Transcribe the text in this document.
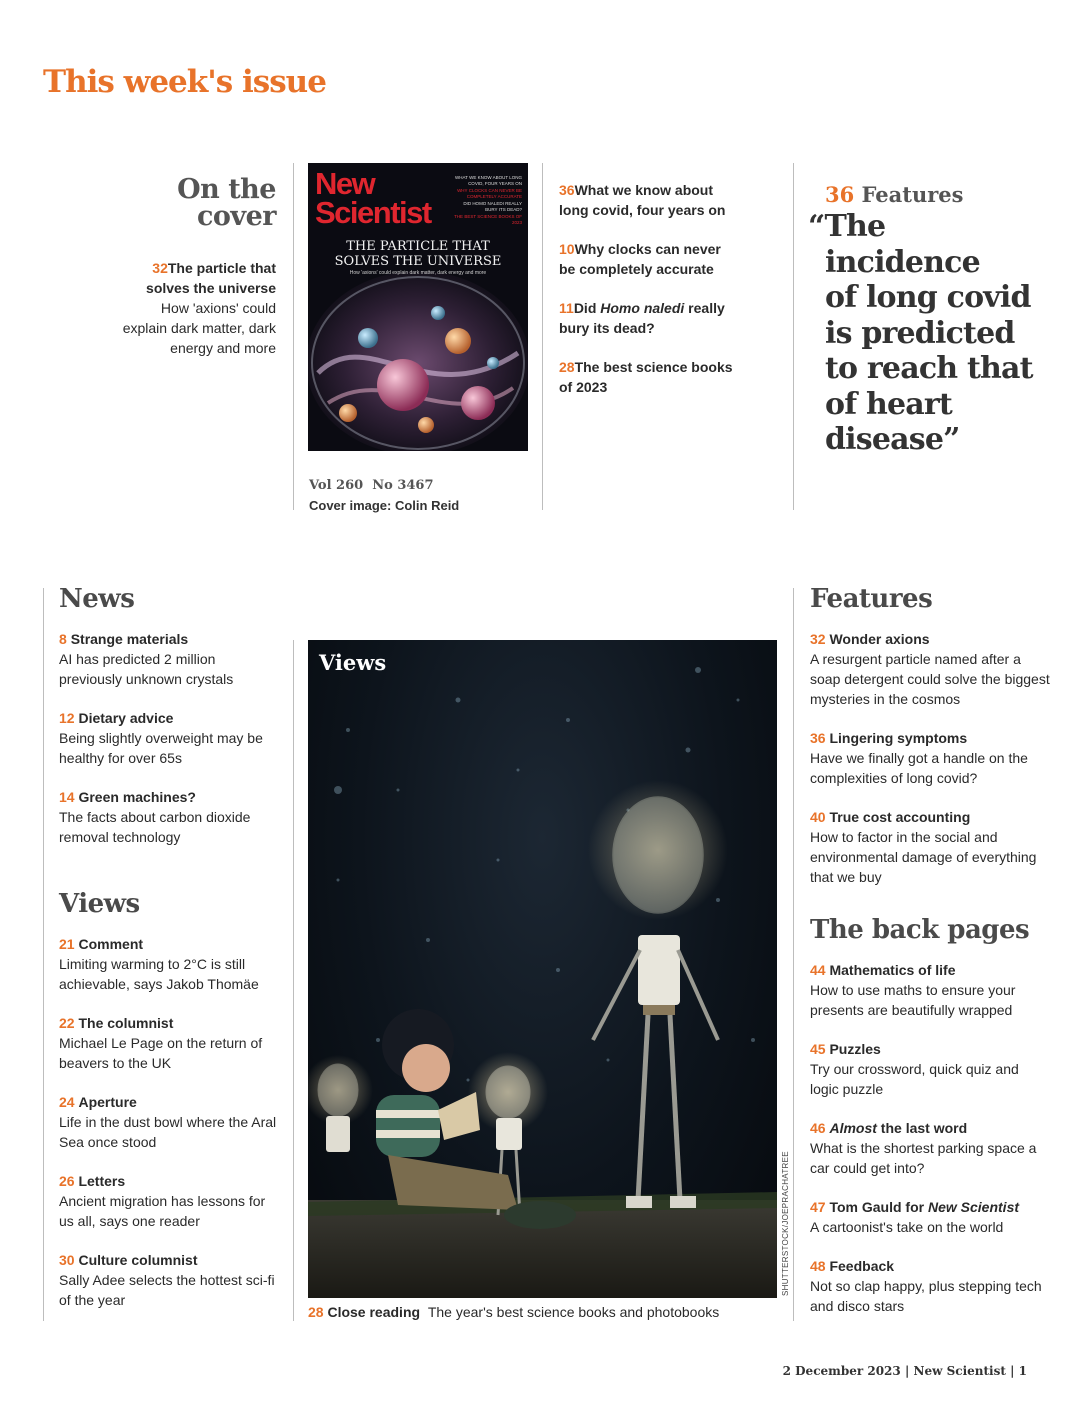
This week's issue
On the
cover

32The particle that solves the universe

How 'axions' could explain dark matter, dark energy and more

New
Scientist
WHAT WE KNOW ABOUT LONG COVID, FOUR YEARS ON
WHY CLOCKS CAN NEVER BE COMPLETELY ACCURATE
DID HOMO NALEDI REALLY BURY ITS DEAD?
THE BEST SCIENCE BOOKS OF 2023
THE PARTICLE THAT
SOLVES THE UNIVERSE
How 'axions' could explain dark matter, dark energy and more
Vol 260 No 3467
Cover image: Colin Reid
36What we know about long covid, four years on
10Why clocks can never be completely accurate
11Did Homo naledi really bury its dead?
28The best science books of 2023
36 Features
“The
incidence
of long covid
is predicted
to reach that
of heart
disease”
News

8 Strange materials

AI has predicted 2 million previously unknown crystals

12 Dietary advice

Being slightly overweight may be healthy for over 65s

14 Green machines?

The facts about carbon dioxide removal technology

Views

21 Comment

Limiting warming to 2°C is still achievable, says Jakob Thomäe

22 The columnist

Michael Le Page on the return of beavers to the UK

24 Aperture

Life in the dust bowl where the Aral Sea once stood

26 Letters

Ancient migration has lessons for us all, says one reader

30 Culture columnist

Sally Adee selects the hottest sci-fi of the year

Views
SHUTTERSTOCK/JOEPRACHATREE
28 Close reading The year's best science books and photobooks
Features

32 Wonder axions

A resurgent particle named after a soap detergent could solve the biggest mysteries in the cosmos

36 Lingering symptoms

Have we finally got a handle on the complexities of long covid?

40 True cost accounting

How to factor in the social and environmental damage of everything that we buy

The back pages

44 Mathematics of life

How to use maths to ensure your presents are beautifully wrapped

45 Puzzles

Try our crossword, quick quiz and logic puzzle

46 Almost the last word

What is the shortest parking space a car could get into?

47 Tom Gauld for New Scientist

A cartoonist's take on the world

48 Feedback

Not so clap happy, plus stepping tech and disco stars

2 December 2023 | New Scientist | 1
